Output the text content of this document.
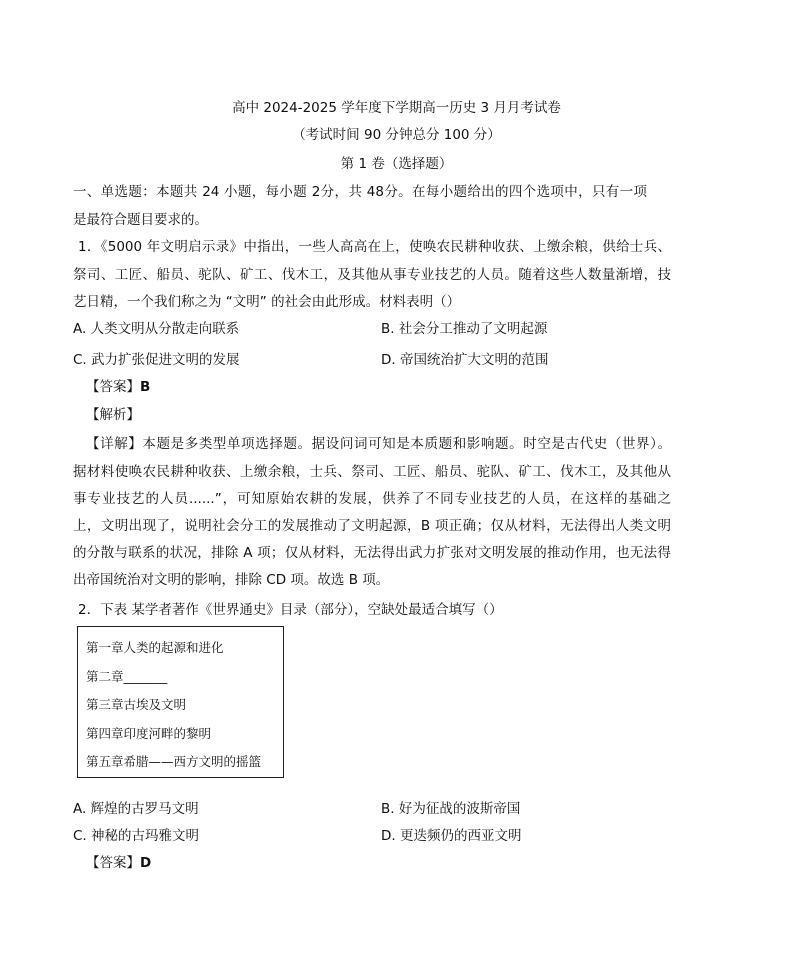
高中 2024-2025 学年度下学期高一历史 3 月月考试卷
（考试时间 90 分钟总分 100 分）
第 1 卷（选择题）
一、单选题：本题共 24 小题，每小题 2分，共 48分。在每小题给出的四个选项中，只有一项
是最符合题目要求的。
1．《5000 年文明启示录》中指出，一些人高高在上，使唤农民耕种收获、上缴余粮，供给士兵、
祭司、工匠、船员、驼队、矿工、伐木工，及其他从事专业技艺的人员。随着这些人数量渐增，技
艺日精，一个我们称之为 “文明” 的社会由此形成。材料表明（）
A. 人类文明从分散走向联系	B. 社会分工推动了文明起源
C. 武力扩张促进文明的发展	D. 帝国统治扩大文明的范围
【答案】B
【解析】
【详解】本题是多类型单项选择题。据设问词可知是本质题和影响题。时空是古代史（世界）。
据材料使唤农民耕种收获、上缴余粮，士兵、祭司、工匠、船员、驼队、矿工、伐木工，及其他从
事专业技艺的人员......”，可知原始农耕的发展，供养了不同专业技艺的人员，在这样的基础之
上，文明出现了，说明社会分工的发展推动了文明起源，B 项正确；仅从材料，无法得出人类文明
的分散与联系的状况，排除 A 项；仅从材料，无法得出武力扩张对文明发展的推动作用，也无法得
出帝国统治对文明的影响，排除 CD 项。故选 B 项。
2．下表 某学者著作《世界通史》目录（部分），空缺处最适合填写（）
第一章人类的起源和进化
第二章_______
第三章古埃及文明
第四章印度河畔的黎明
第五章希腊——西方文明的摇篮
A. 辉煌的古罗马文明	B. 好为征战的波斯帝国
C. 神秘的古玛雅文明	D. 更迭频仍的西亚文明
【答案】D
